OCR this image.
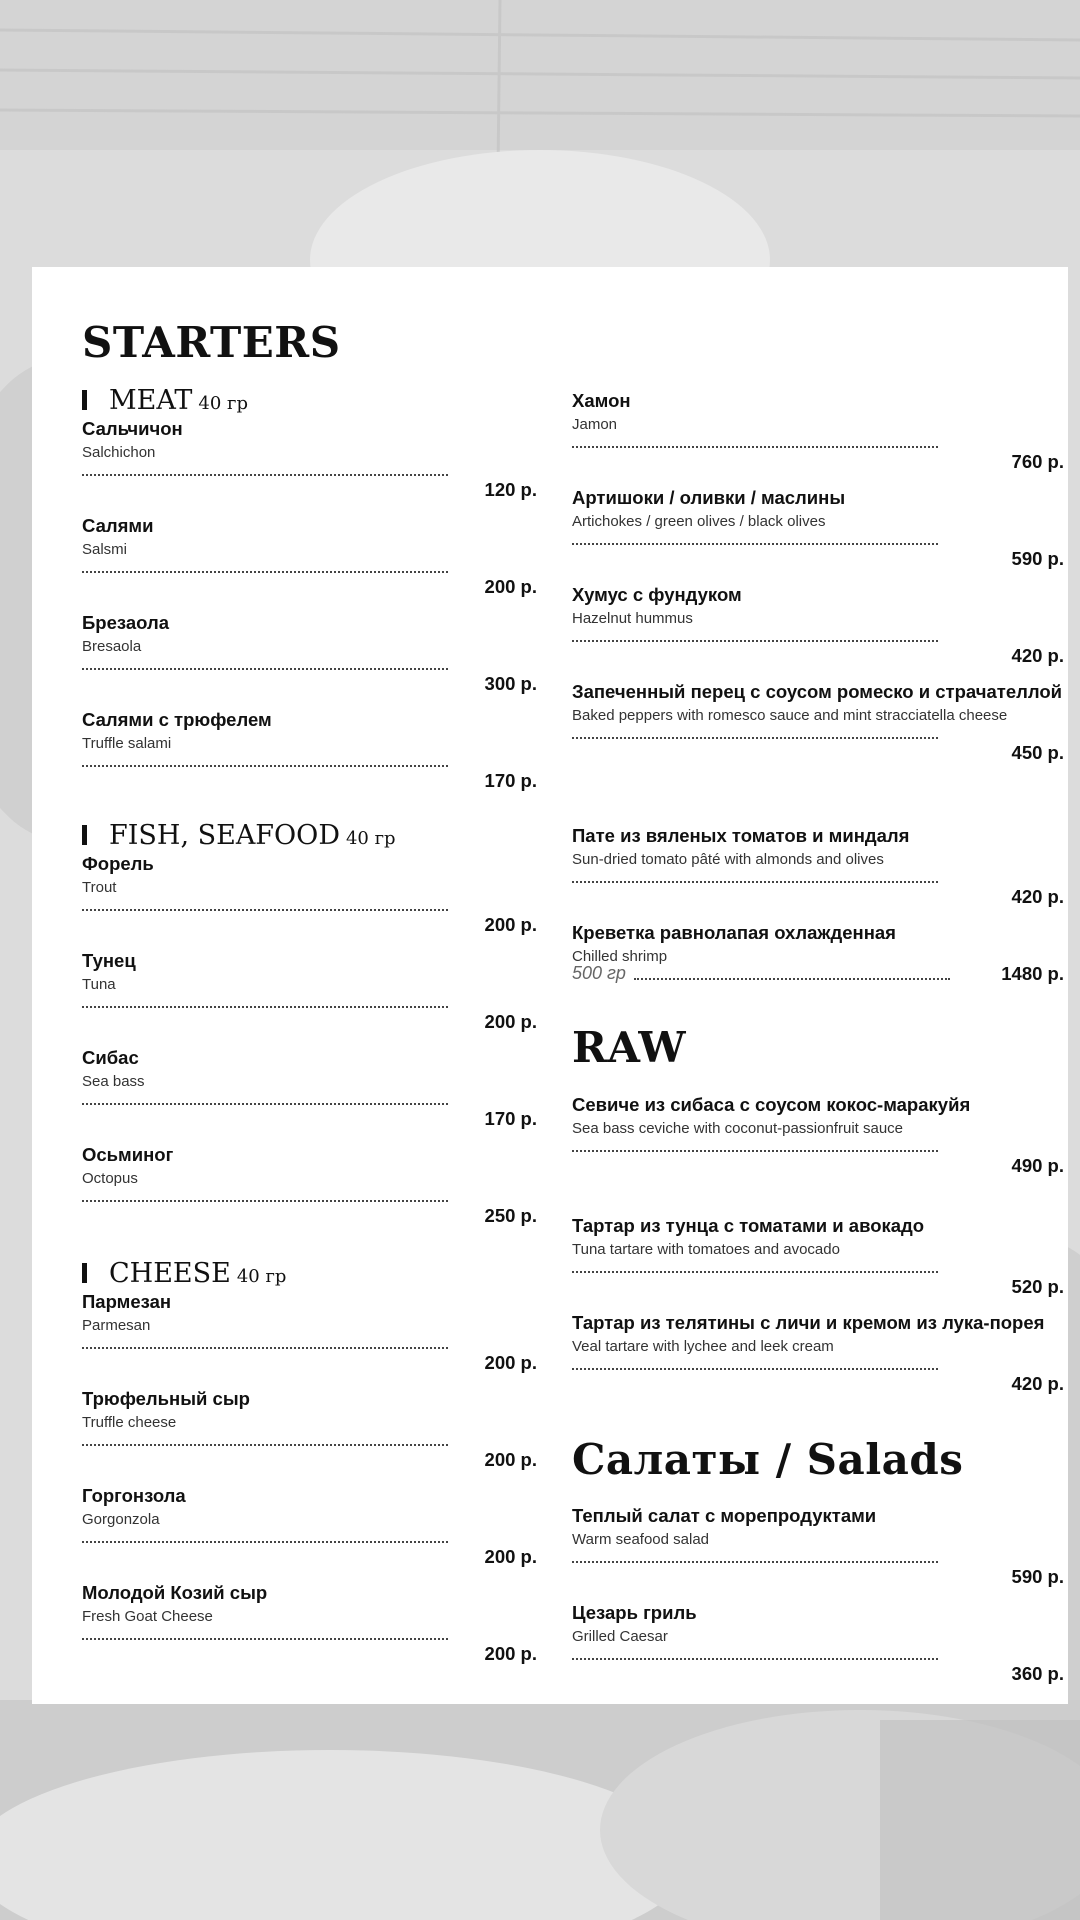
STARTERS
MEAT 40 гр
Сальчичон
Salchichon
120 р.
Салями
Salsmi
200 р.
Брезаола
Bresaola
300 р.
Салями с трюфелем
Truffle salami
170 р.
FISH, SEAFOOD 40 гр
Форель
Trout
200 р.
Тунец
Tuna
200 р.
Сибас
Sea bass
170 р.
Осьминог
Octopus
250 р.
CHEESE 40 гр
Пармезан
Parmesan
200 р.
Трюфельный сыр
Truffle cheese
200 р.
Горгонзола
Gorgonzola
200 р.
Молодой Козий сыр
Fresh Goat Cheese
200 р.
Хамон
Jamon
760 р.
Артишоки / оливки / маслины
Artichokes / green olives / black olives
590 р.
Хумус с фундуком
Hazelnut hummus
420 р.
Запеченный перец с соусом ромеско и страчателлой
Baked peppers with romesco sauce and mint stracciatella cheese
450 р.
Пате из вяленых томатов и миндаля
Sun-dried tomato pâté with almonds and olives
420 р.
Креветка равнолапая охлажденная
Chilled shrimp
500 гр	1480 р.
RAW
Севиче из сибаса с соусом кокос-маракуйя
Sea bass ceviche with coconut-passionfruit sauce
490 р.
Тартар из тунца с томатами и авокадо
Tuna tartare with tomatoes and avocado
520 р.
Тартар из телятины с личи и кремом из лука-порея
Veal tartare with lychee and leek cream
420 р.
Салаты / Salads
Теплый салат с морепродуктами
Warm seafood salad
590 р.
Цезарь гриль
Grilled Caesar
360 р.
